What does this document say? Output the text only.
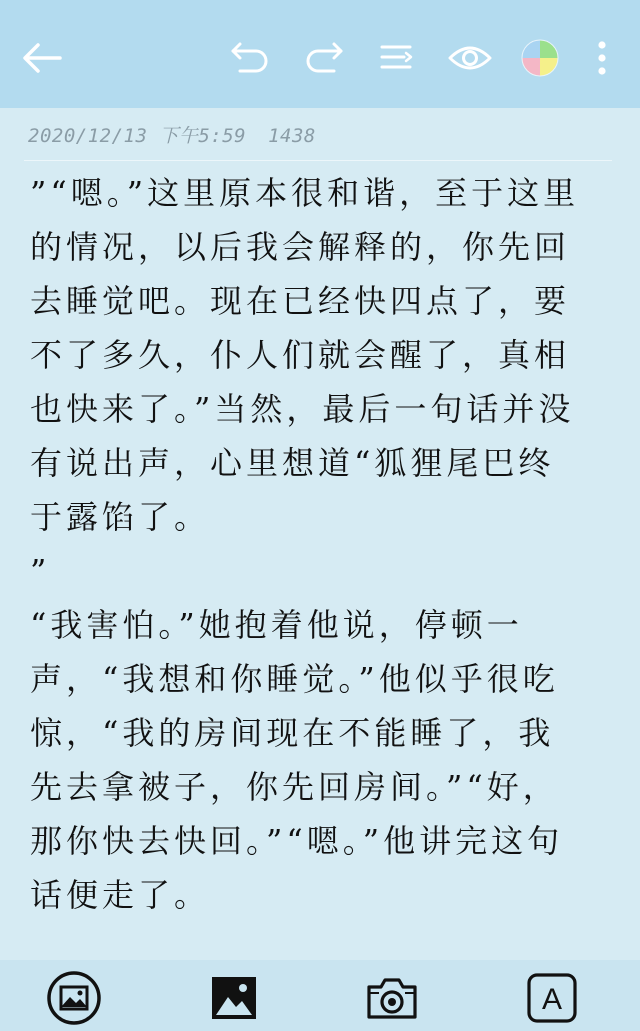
2020/12/13 下午5:59 1438

”“嗯。”这里原本很和谐，至于这里的情况，以后我会解释的，你先回去睡觉吧。现在已经快四点了，要不了多久，仆人们就会醒了，真相也快来了。”当然，最后一句话并没有说出声，心里想道“狐狸尾巴终于露馅了。
”

“我害怕。”她抱着他说，停顿一声，“我想和你睡觉。”他似乎很吃惊，“我的房间现在不能睡了，我先去拿被子，你先回房间。”“好，那你快去快回。”“嗯。”他讲完这句话便走了。

A
